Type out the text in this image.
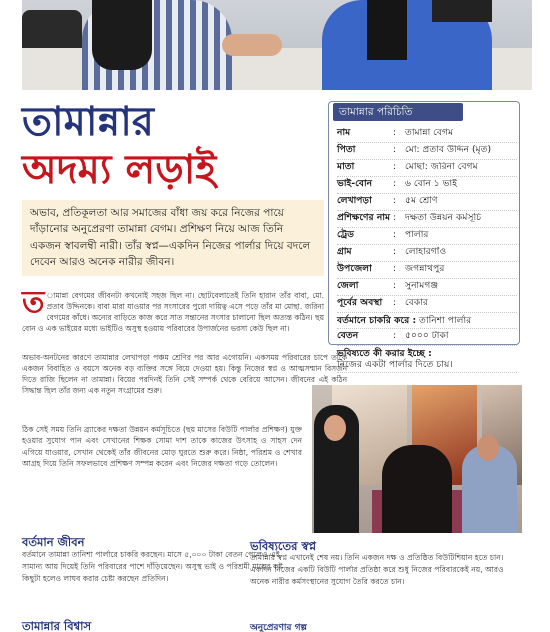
তামান্নার
অদম্য লড়াই
অভাব, প্রতিকূলতা আর সমাজের বাঁধা জয় করে নিজের পায়ে দাঁড়ানোর অনুপ্রেরণা তামান্না বেগম। প্রশিক্ষণ নিয়ে আজ তিনি একজন স্বাবলম্বী নারী। তাঁর স্বপ্ন—একদিন নিজের পার্লার দিয়ে বদলে দেবেন আরও অনেক নারীর জীবন।
তামান্নার পরিচিতি
নাম	: তামান্না বেগম
পিতা	: মো: প্রতাব উদ্দিন (মৃত)
মাতা	: মোছা: জরিনা বেগম
ভাই-বোন	: ৬ বোন ১ ভাই
লেখাপড়া	: ৫ম শ্রেণি
প্রশিক্ষণের নাম : দক্ষতা উন্নয়ন কর্মসূচি
ট্রেড	: পার্লার
গ্রাম	: লোহারগাঁও
উপজেলা	: জগন্নাথপুর
জেলা	: সুনামগঞ্জ
পূর্বের অবস্থা	: বেকার
বর্তমানে চাকরি করে : তানিশা পার্লার
বেতন	: ৫০০০ টাকা
ভবিষ্যতে কী করার ইচ্ছে :
নিজের একটা পার্লার দিতে চায়।
ত ামান্না বেগমের জীবনটা কখনোই সহজ ছিল না। ছোটবেলাতেই তিনি হারান তাঁর বাবা, মো. প্রতাব উদ্দিনকে। বাবা মারা যাওয়ার পর সংসারের পুরো দায়িত্ব এসে পড়ে তাঁর মা মোছা. জরিনা বেগমের কাঁধে। অন্যের বাড়িতে কাজ করে সাত সন্তানের সংসার চালানো ছিল অত্যন্ত কঠিন। ছয় বোন ও এক ভাইয়ের মধ্যে ভাইটিও অসুস্থ হওয়ায় পরিবারের উপার্জনের ভরসা কেউ ছিল না।
অভাব-অনটনের কারণে তামান্নার লেখাপড়া পঞ্চম শ্রেণির পর আর এগোয়নি। একসময় পরিবারের চাপে তাঁকে একজন বিবাহিত ও বয়সে অনেক বড় ব্যক্তির সঙ্গে বিয়ে দেওয়া হয়। কিন্তু নিজের স্বপ্ন ও আত্মসম্মান বিসর্জন দিতে রাজি ছিলেন না তামান্না। বিয়ের পরদিনই তিনি সেই সম্পর্ক থেকে বেরিয়ে আসেন। জীবনের এই কঠিন সিদ্ধান্ত ছিল তাঁর জন্য এক নতুন সংগ্রামের শুরু।
ঠিক সেই সময় তিনি ব্র্যাকের দক্ষতা উন্নয়ন কর্মসূচিতে (ছয় মাসের বিউটি পার্লার প্রশিক্ষণ) যুক্ত হওয়ার সুযোগ পান এবং সেখানের শিক্ষক সোমা দাশ তাকে কাজের উৎসাহ ও সাহস দেন এগিয়ে যাওয়ার, সেখান থেকেই তাঁর জীবনের মোড় ঘুরতে শুরু করে। নিষ্ঠা, পরিশ্রম ও শেখার আগ্রহ দিয়ে তিনি সফলভাবে প্রশিক্ষণ সম্পন্ন করেন এবং নিজের দক্ষতা গড়ে তোলেন।
বর্তমান জীবন
বর্তমানে তামান্না তানিশা পার্লারে চাকরি করছেন। মাসে ৫,০০০ টাকা বেতন পেলেও এই সামান্য আয় দিয়েই তিনি পরিবারের পাশে দাঁড়িয়েছেন। অসুস্থ ভাই ও পরিশ্রমী মায়ের কষ্ট কিছুটা হলেও লাঘব করার চেষ্টা করছেন প্রতিদিন।
ভবিষ্যতের স্বপ্ন
তামান্নার স্বপ্ন এখানেই শেষ নয়। তিনি একজন দক্ষ ও প্রতিষ্ঠিত বিউটিশিয়ান হতে চান। একদিন নিজের একটি বিউটি পার্লার প্রতিষ্ঠা করে শুধু নিজের পরিবারকেই নয়, আরও অনেক নারীর কর্মসংস্থানের সুযোগ তৈরি করতে চান।
তামান্নার বিশ্বাস	অনুপ্রেরণার গল্প
